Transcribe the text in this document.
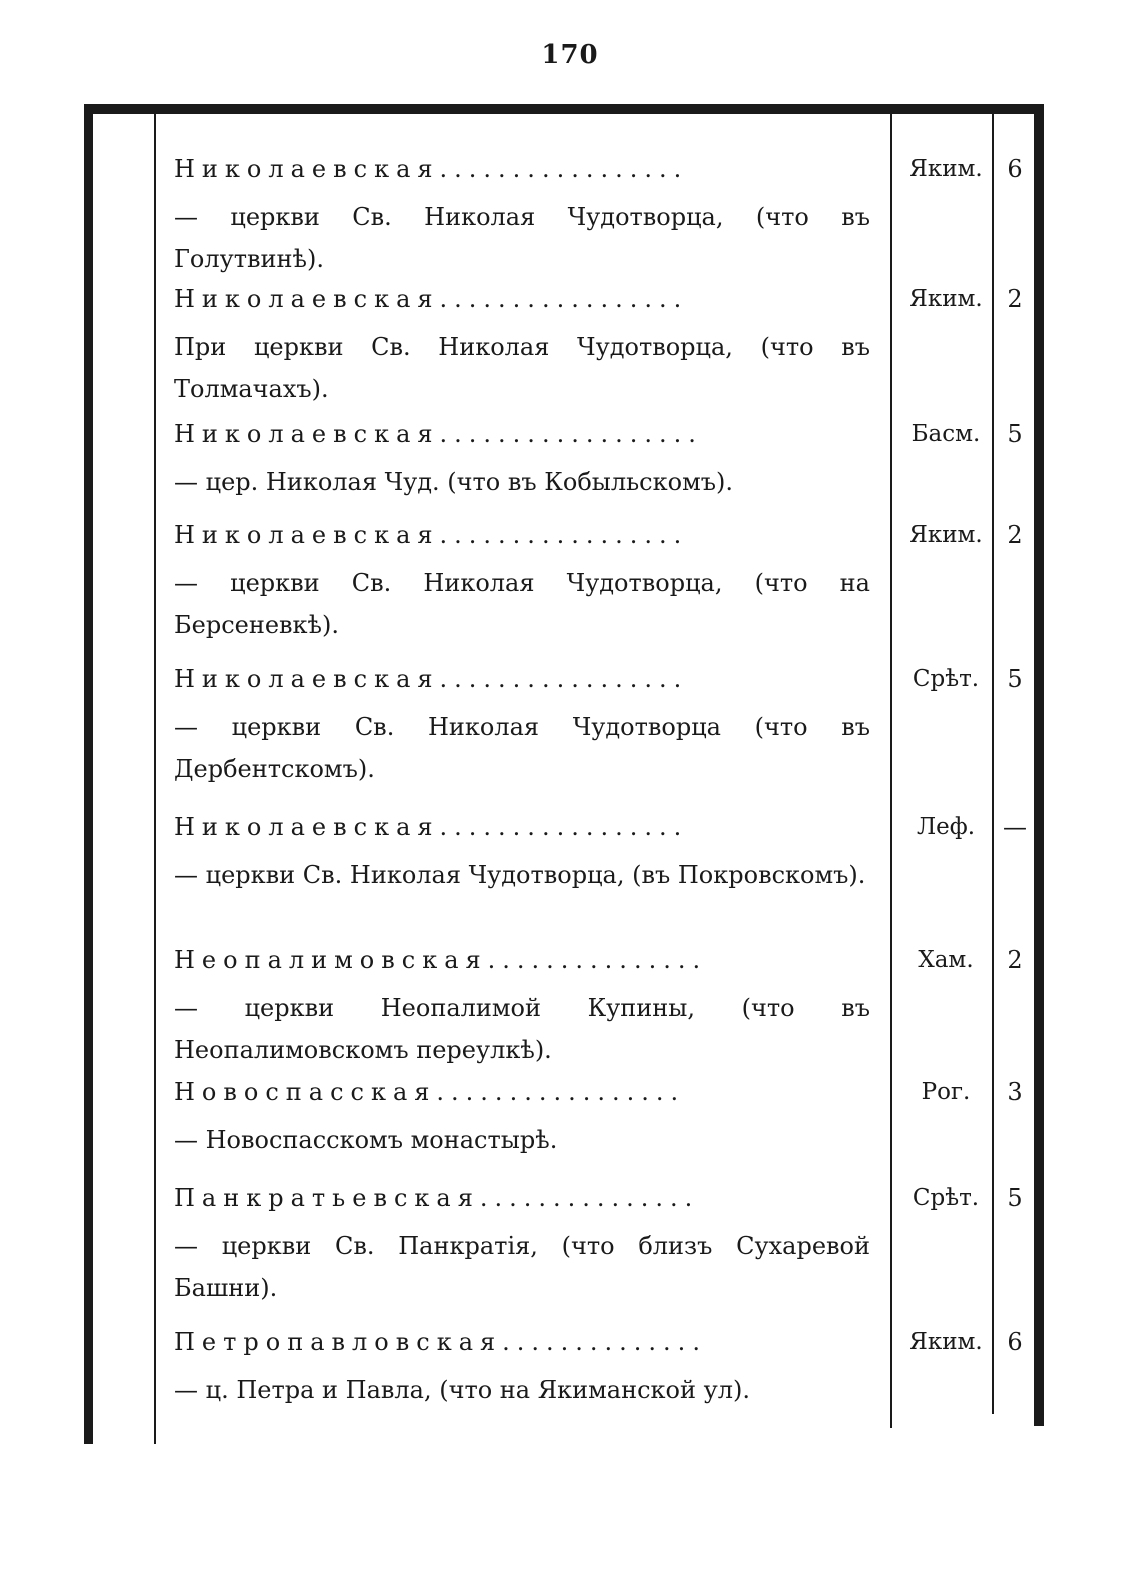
170
Николаевская.................
— церкви Св. Николая Чудотворца, (что въ Голутвинѣ).
Яким.	6
Николаевская.................
При церкви Св. Николая Чудотворца, (что въ Толмачахъ).
Яким.	2
Николаевская..................
— цер. Николая Чуд. (что въ Кобыльскомъ).
Басм.	5
Николаевская.................
— церкви Св. Николая Чудотворца, (что на Берсеневкѣ).
Яким.	2
Николаевская.................
— церкви Св. Николая Чудотворца (что въ Дербентскомъ).
Срѣт.	5
Николаевская.................
— церкви Св. Николая Чудотворца, (въ Покровскомъ).
Леф.	—
Неопалимовская...............
— церкви Неопалимой Купины, (что въ Неопалимовскомъ переулкѣ).
Хам.	2
Новоспасская.................
— Новоспасскомъ монастырѣ.
Рог.	3
Панкратьевская...............
— церкви Св. Панкратія, (что близъ Сухаревой Башни).
Срѣт.	5
Петропавловская..............
— ц. Петра и Павла, (что на Якиманской ул).
Яким.	6
